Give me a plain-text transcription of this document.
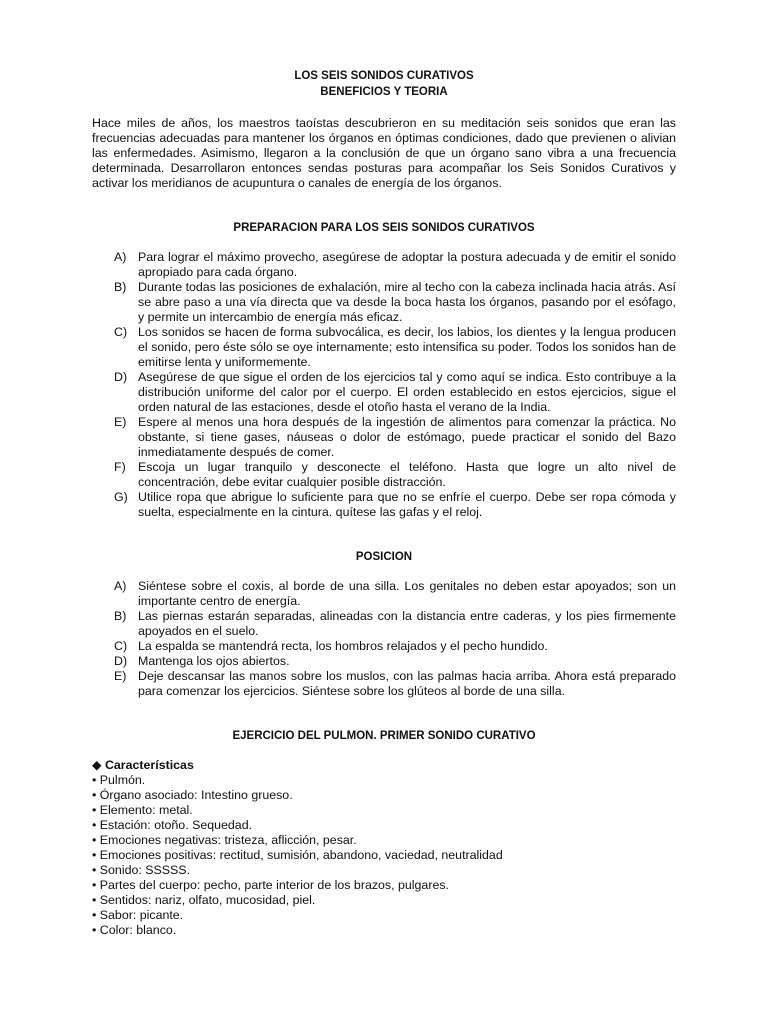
LOS SEIS SONIDOS CURATIVOS

BENEFICIOS Y TEORIA

Hace miles de años, los maestros taoístas descubrieron en su meditación seis sonidos que eran las frecuencias adecuadas para mantener los órganos en óptimas condiciones, dado que previenen o alivian las enfermedades. Asimismo, llegaron a la conclusión de que un órgano sano vibra a una frecuencia determinada. Desarrollaron entonces sendas posturas para acompañar los Seis Sonidos Curativos y activar los meridianos de acupuntura o canales de energía de los órganos.

PREPARACION PARA LOS SEIS SONIDOS CURATIVOS

A) Para lograr el máximo provecho, asegúrese de adoptar la postura adecuada y de emitir el sonido apropiado para cada órgano.
B) Durante todas las posiciones de exhalación, mire al techo con la cabeza inclinada hacia atrás. Así se abre paso a una vía directa que va desde la boca hasta los órganos, pasando por el esófago, y permite un intercambio de energía más eficaz.
C) Los sonidos se hacen de forma subvocálica, es decir, los labios, los dientes y la lengua producen el sonido, pero éste sólo se oye internamente; esto intensifica su poder. Todos los sonidos han de emitirse lenta y uniformemente.
D) Asegúrese de que sigue el orden de los ejercicios tal y como aquí se indica. Esto contribuye a la distribución uniforme del calor por el cuerpo. El orden establecido en estos ejercicios, sigue el orden natural de las estaciones, desde el otoño hasta el verano de la India.
E) Espere al menos una hora después de la ingestión de alimentos para comenzar la práctica. No obstante, si tiene gases, náuseas o dolor de estómago, puede practicar el sonido del Bazo inmediatamente después de comer.
F) Escoja un lugar tranquilo y desconecte el teléfono. Hasta que logre un alto nivel de concentración, debe evitar cualquier posible distracción.
G) Utilice ropa que abrigue lo suficiente para que no se enfríe el cuerpo. Debe ser ropa cómoda y suelta, especialmente en la cintura. quítese las gafas y el reloj.

POSICION

A) Siéntese sobre el coxis, al borde de una silla. Los genitales no deben estar apoyados; son un importante centro de energía.
B) Las piernas estarán separadas, alineadas con la distancia entre caderas, y los pies firmemente apoyados en el suelo.
C) La espalda se mantendrá recta, los hombros relajados y el pecho hundido.
D) Mantenga los ojos abiertos.
E) Deje descansar las manos sobre los muslos, con las palmas hacia arriba. Ahora está preparado para comenzar los ejercicios. Siéntese sobre los glúteos al borde de una silla.

EJERCICIO DEL PULMON. PRIMER SONIDO CURATIVO

◆ Características
• Pulmón.
• Órgano asociado: Intestino grueso.
• Elemento: metal.
• Estación: otoño. Sequedad.
• Emociones negativas: tristeza, aflicción, pesar.
• Emociones positivas: rectitud, sumisión, abandono, vaciedad, neutralidad
• Sonido: SSSSS.
• Partes del cuerpo: pecho, parte interior de los brazos, pulgares.
• Sentidos: nariz, olfato, mucosidad, piel.
• Sabor: picante.
• Color: blanco.
